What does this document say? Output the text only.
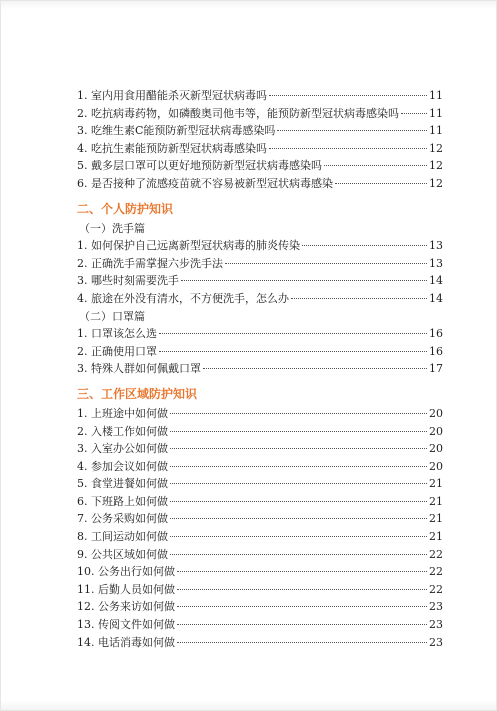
1. 室内用食用醋能杀灭新型冠状病毒吗	11
2. 吃抗病毒药物，如磷酸奥司他韦等，能预防新型冠状病毒感染吗	11
3. 吃维生素C能预防新型冠状病毒感染吗	11
4. 吃抗生素能预防新型冠状病毒感染吗	12
5. 戴多层口罩可以更好地预防新型冠状病毒感染吗	12
6. 是否接种了流感疫苗就不容易被新型冠状病毒感染	12
二、个人防护知识
（一）洗手篇
1. 如何保护自己远离新型冠状病毒的肺炎传染	13
2. 正确洗手需掌握六步洗手法	13
3. 哪些时刻需要洗手	14
4. 旅途在外没有清水，不方便洗手，怎么办	14
（二）口罩篇
1. 口罩该怎么选	16
2. 正确使用口罩	16
3. 特殊人群如何佩戴口罩	17
三、工作区域防护知识
1. 上班途中如何做	20
2. 入楼工作如何做	20
3. 入室办公如何做	20
4. 参加会议如何做	20
5. 食堂进餐如何做	21
6. 下班路上如何做	21
7. 公务采购如何做	21
8. 工间运动如何做	21
9. 公共区域如何做	22
10. 公务出行如何做	22
11. 后勤人员如何做	22
12. 公务来访如何做	23
13. 传阅文件如何做	23
14. 电话消毒如何做	23
